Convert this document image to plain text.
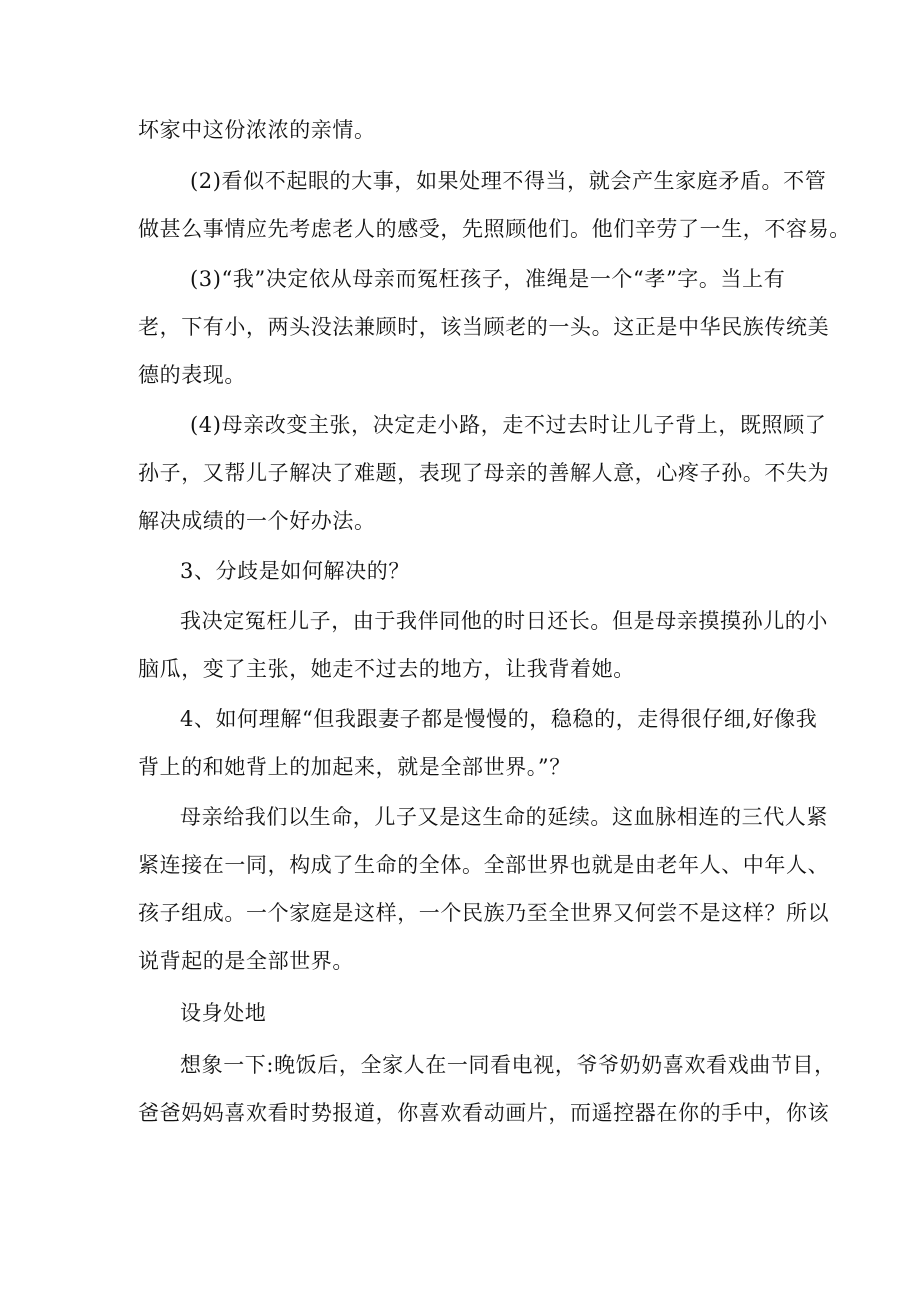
坏家中这份浓浓的亲情。

(2)看似不起眼的大事，如果处理不得当，就会产生家庭矛盾。不管
做甚么事情应先考虑老人的感受，先照顾他们。他们辛劳了一生，不容易。

(3)“我”决定依从母亲而冤枉孩子，准绳是一个“孝”字。当上有
老，下有小，两头没法兼顾时，该当顾老的一头。这正是中华民族传统美
德的表现。

(4)母亲改变主张，决定走小路，走不过去时让儿子背上，既照顾了
孙子，又帮儿子解决了难题，表现了母亲的善解人意，心疼子孙。不失为
解决成绩的一个好办法。

3、分歧是如何解决的？

我决定冤枉儿子，由于我伴同他的时日还长。但是母亲摸摸孙儿的小
脑瓜，变了主张，她走不过去的地方，让我背着她。

4、如何理解“但我跟妻子都是慢慢的，稳稳的，走得很仔细,好像我
背上的和她背上的加起来，就是全部世界。”？

母亲给我们以生命，儿子又是这生命的延续。这血脉相连的三代人紧
紧连接在一同，构成了生命的全体。全部世界也就是由老年人、中年人、
孩子组成。一个家庭是这样，一个民族乃至全世界又何尝不是这样？所以
说背起的是全部世界。

设身处地

想象一下:晚饭后，全家人在一同看电视，爷爷奶奶喜欢看戏曲节目，
爸爸妈妈喜欢看时势报道，你喜欢看动画片，而遥控器在你的手中，你该
